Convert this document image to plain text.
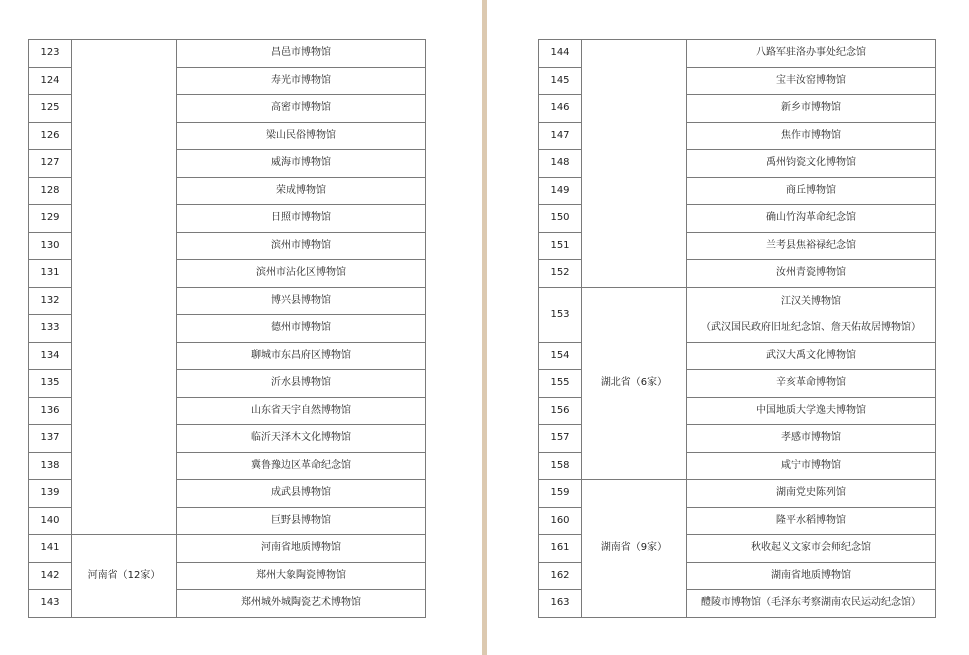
123		昌邑市博物馆
124		寿光市博物馆
125		高密市博物馆
126		梁山民俗博物馆
127		威海市博物馆
128		荣成博物馆
129		日照市博物馆
130		滨州市博物馆
131		滨州市沾化区博物馆
132		博兴县博物馆
133		德州市博物馆
134		聊城市东昌府区博物馆
135		沂水县博物馆
136		山东省天宇自然博物馆
137		临沂天泽木文化博物馆
138		冀鲁豫边区革命纪念馆
139		成武县博物馆
140		巨野县博物馆
141	河南省（12家）	河南省地质博物馆
142		郑州大象陶瓷博物馆
143		郑州城外城陶瓷艺术博物馆
144		八路军驻洛办事处纪念馆
145		宝丰汝窑博物馆
146		新乡市博物馆
147		焦作市博物馆
148		禹州钧瓷文化博物馆
149		商丘博物馆
150		确山竹沟革命纪念馆
151		兰考县焦裕禄纪念馆
152		汝州青瓷博物馆
153	湖北省（6家）	江汉关博物馆
（武汉国民政府旧址纪念馆、詹天佑故居博物馆）

154		武汉大禹文化博物馆
155		辛亥革命博物馆
156		中国地质大学逸夫博物馆
157		孝感市博物馆
158		咸宁市博物馆
159	湖南省（9家）	湖南党史陈列馆
160		隆平水稻博物馆
161		秋收起义文家市会师纪念馆
162		湖南省地质博物馆
163		醴陵市博物馆（毛泽东考察湖南农民运动纪念馆）
